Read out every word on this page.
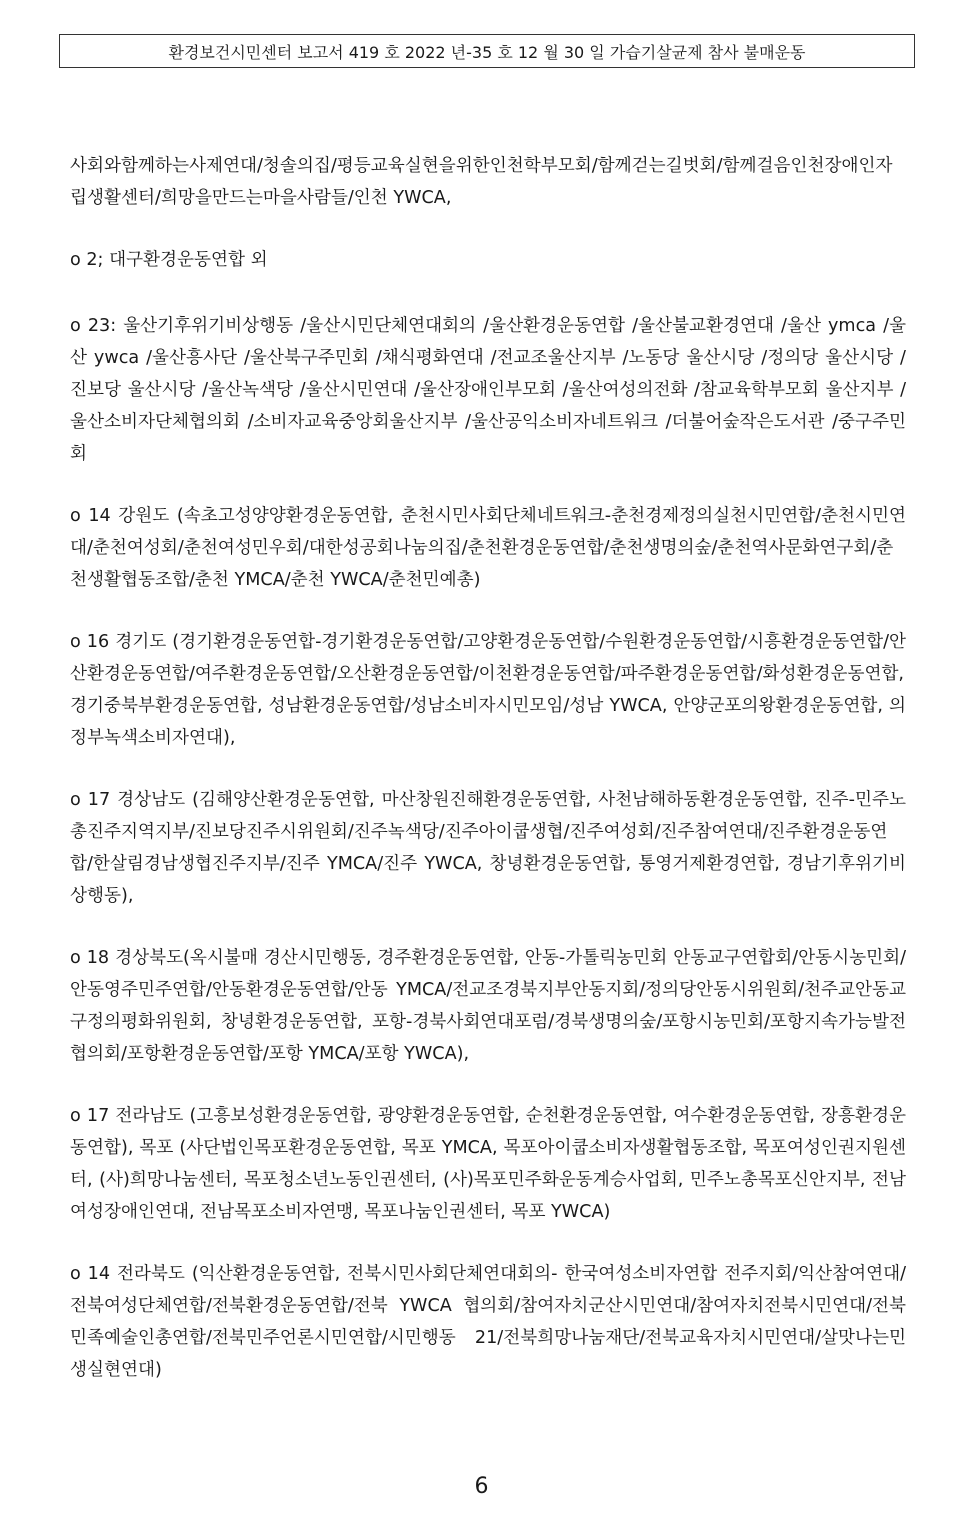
환경보건시민센터 보고서 419 호 2022 년-35 호 12 월 30 일 가습기살균제 참사 불매운동

사회와함께하는사제연대/청솔의집/평등교육실현을위한인천학부모회/함께걷는길벗회/함께걸음인천장애인자립생활센터/희망을만드는마을사람들/인천 YWCA,

o 2; 대구환경운동연합 외

o 23: 울산기후위기비상행동 /울산시민단체연대회의 /울산환경운동연합 /울산불교환경연대 /울산 ymca /울산 ywca /울산흥사단 /울산북구주민회 /채식평화연대 /전교조울산지부 /노동당 울산시당 /정의당 울산시당 /진보당 울산시당 /울산녹색당 /울산시민연대 /울산장애인부모회 /울산여성의전화 /참교육학부모회 울산지부 /울산소비자단체협의회 /소비자교육중앙회울산지부 /울산공익소비자네트워크 /더불어숲작은도서관 /중구주민회

o 14 강원도 (속초고성양양환경운동연합, 춘천시민사회단체네트워크-춘천경제정의실천시민연합/춘천시민연대/춘천여성회/춘천여성민우회/대한성공회나눔의집/춘천환경운동연합/춘천생명의숲/춘천역사문화연구회/춘천생활협동조합/춘천 YMCA/춘천 YWCA/춘천민예총)

o 16 경기도 (경기환경운동연합-경기환경운동연합/고양환경운동연합/수원환경운동연합/시흥환경운동연합/안산환경운동연합/여주환경운동연합/오산환경운동연합/이천환경운동연합/파주환경운동연합/화성환경운동연합, 경기중북부환경운동연합, 성남환경운동연합/성남소비자시민모임/성남 YWCA, 안양군포의왕환경운동연합, 의정부녹색소비자연대),

o 17 경상남도 (김해양산환경운동연합, 마산창원진해환경운동연합, 사천남해하동환경운동연합, 진주-민주노총진주지역지부/진보당진주시위원회/진주녹색당/진주아이쿱생협/진주여성회/진주참여연대/진주환경운동연합/한살림경남생협진주지부/진주 YMCA/진주 YWCA, 창녕환경운동연합, 통영거제환경연합, 경남기후위기비상행동),

o 18 경상북도(옥시불매 경산시민행동, 경주환경운동연합, 안동-가톨릭농민회 안동교구연합회/안동시농민회/안동영주민주연합/안동환경운동연합/안동 YMCA/전교조경북지부안동지회/정의당안동시위원회/천주교안동교구정의평화위원회, 창녕환경운동연합, 포항-경북사회연대포럼/경북생명의숲/포항시농민회/포항지속가능발전협의회/포항환경운동연합/포항 YMCA/포항 YWCA),

o 17 전라남도 (고흥보성환경운동연합, 광양환경운동연합, 순천환경운동연합, 여수환경운동연합, 장흥환경운동연합), 목포 (사단법인목포환경운동연합, 목포 YMCA, 목포아이쿱소비자생활협동조합, 목포여성인권지원센터, (사)희망나눔센터, 목포청소년노동인권센터, (사)목포민주화운동계승사업회, 민주노총목포신안지부, 전남여성장애인연대, 전남목포소비자연맹, 목포나눔인권센터, 목포 YWCA)

o 14 전라북도 (익산환경운동연합, 전북시민사회단체연대회의- 한국여성소비자연합 전주지회/익산참여연대/전북여성단체연합/전북환경운동연합/전북 YWCA 협의회/참여자치군산시민연대/참여자치전북시민연대/전북민족예술인총연합/전북민주언론시민연합/시민행동 21/전북희망나눔재단/전북교육자치시민연대/살맛나는민생실현연대)

6
